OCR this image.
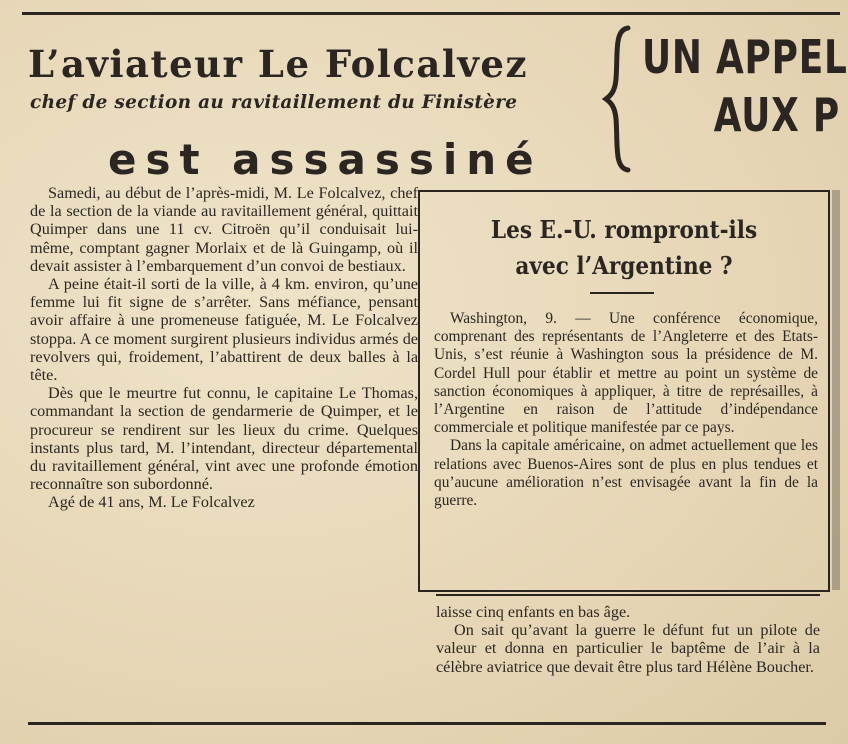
L’aviateur Le Folcalvez
chef de section au ravitaillement du Finistère
est assassiné
UN APPEL
AUX P

Samedi, au début de l’après-midi, M. Le Folcalvez, chef de la section de la viande au ravitaillement général, quittait Quimper dans une 11 cv. Citroën qu’il conduisait lui-même, comptant gagner Morlaix et de là Guingamp, où il devait assister à l’embarquement d’un convoi de bestiaux.

A peine était-il sorti de la ville, à 4 km. environ, qu’une femme lui fit signe de s’arrêter. Sans méfiance, pensant avoir affaire à une promeneuse fatiguée, M. Le Folcalvez stoppa. A ce moment surgirent plusieurs individus armés de revolvers qui, froidement, l’abattirent de deux balles à la tête.

Dès que le meurtre fut connu, le capitaine Le Thomas, commandant la section de gendarmerie de Quimper, et le procureur se rendirent sur les lieux du crime. Quelques instants plus tard, M. l’intendant, directeur départemental du ravitaillement général, vint avec une profonde émotion reconnaître son subordonné.

Agé de 41 ans, M. Le Folcalvez

Les E.-U. rompront-ils
avec l’Argentine ?

Washington, 9. — Une conférence économique, comprenant des représentants de l’Angleterre et des Etats-Unis, s’est réunie à Washington sous la présidence de M. Cordel Hull pour établir et mettre au point un système de sanction économiques à appliquer, à titre de représailles, à l’Argentine en raison de l’attitude d’indépendance commerciale et politique manifestée par ce pays.

Dans la capitale américaine, on admet actuellement que les relations avec Buenos-Aires sont de plus en plus tendues et qu’aucune amélioration n’est envisagée avant la fin de la guerre.

laisse cinq enfants en bas âge.

On sait qu’avant la guerre le défunt fut un pilote de valeur et donna en particulier le baptême de l’air à la célèbre aviatrice que devait être plus tard Hélène Boucher.
